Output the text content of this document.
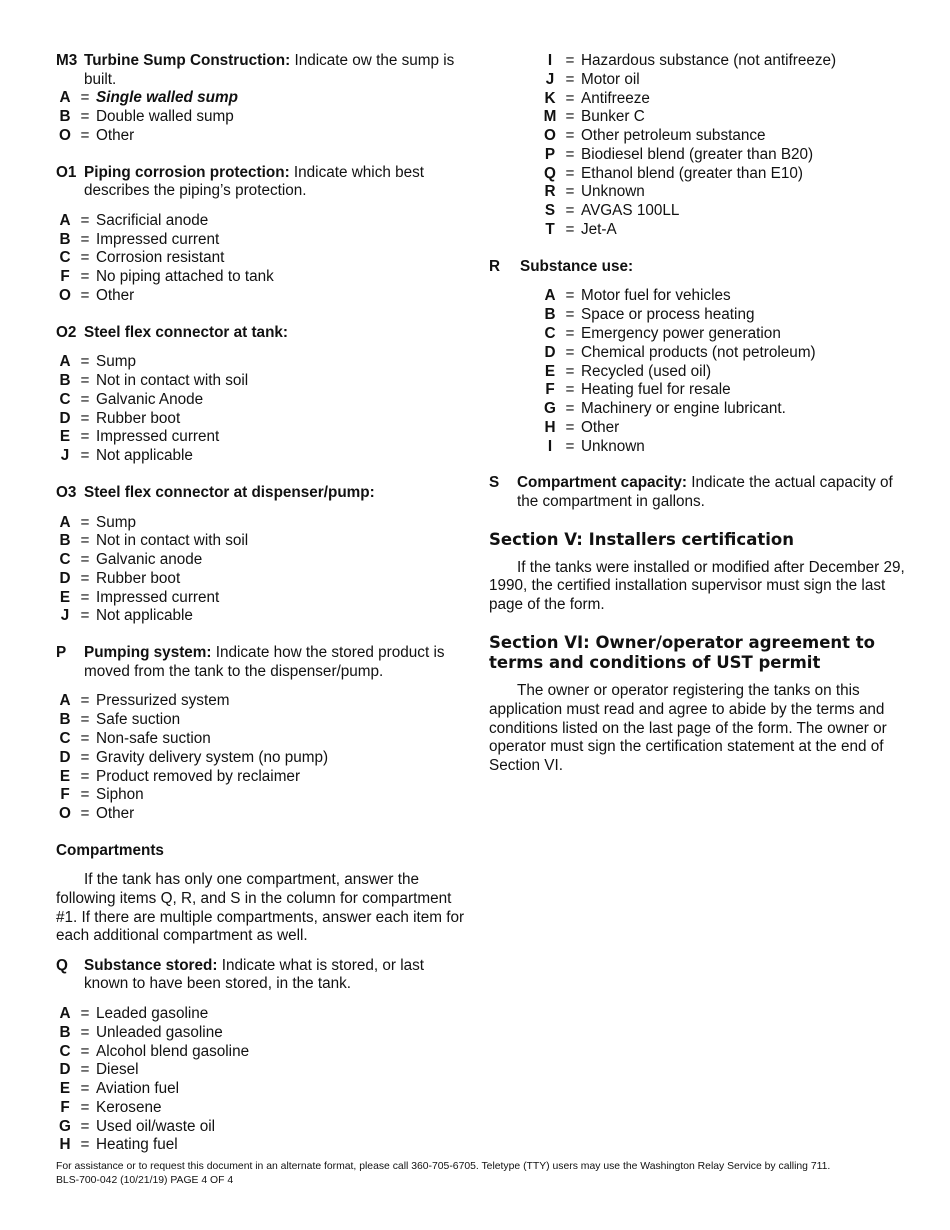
M3 Turbine Sump Construction: Indicate ow the sump is built.
A = Single walled sump
B = Double walled sump
O = Other
O1 Piping corrosion protection: Indicate which best describes the piping’s protection.
A = Sacrificial anode
B = Impressed current
C = Corrosion resistant
F = No piping attached to tank
O = Other
O2 Steel flex connector at tank:
A = Sump
B = Not in contact with soil
C = Galvanic Anode
D = Rubber boot
E = Impressed current
J = Not applicable
O3 Steel flex connector at dispenser/pump:
A = Sump
B = Not in contact with soil
C = Galvanic anode
D = Rubber boot
E = Impressed current
J = Not applicable
P	Pumping system: Indicate how the stored product is moved from the tank to the dispenser/pump.
A = Pressurized system
B = Safe suction
C = Non-safe suction
D = Gravity delivery system (no pump)
E = Product removed by reclaimer
F = Siphon
O = Other

Compartments

If the tank has only one compartment, answer the following items Q, R, and S in the column for compartment #1. If there are multiple compartments, answer each item for each additional compartment as well.

Q	Substance stored: Indicate what is stored, or last known to have been stored, in the tank.
A = Leaded gasoline
B = Unleaded gasoline
C = Alcohol blend gasoline
D = Diesel
E = Aviation fuel
F = Kerosene
G = Used oil/waste oil
H = Heating fuel
I = Hazardous substance (not antifreeze)
J = Motor oil
K = Antifreeze
M = Bunker C
O = Other petroleum substance
P = Biodiesel blend (greater than B20)
Q = Ethanol blend (greater than E10)
R = Unknown
S = AVGAS 100LL
T = Jet-A
R	Substance use:
A = Motor fuel for vehicles
B = Space or process heating
C = Emergency power generation
D = Chemical products (not petroleum)
E = Recycled (used oil)
F = Heating fuel for resale
G = Machinery or engine lubricant.
H = Other
I = Unknown
S	Compartment capacity: Indicate the actual capacity of the compartment in gallons.
Section V: Installers certification

If the tanks were installed or modified after December 29, 1990, the certified installation supervisor must sign the last page of the form.

Section VI: Owner/operator agreement to terms and conditions of UST permit

The owner or operator registering the tanks on this application must read and agree to abide by the terms and conditions listed on the last page of the form. The owner or operator must sign the certification statement at the end of Section VI.

For assistance or to request this document in an alternate format, please call 360-705-6705. Teletype (TTY) users may use the Washington Relay Service by calling 711.
BLS-700-042 (10/21/19) PAGE 4 OF 4
